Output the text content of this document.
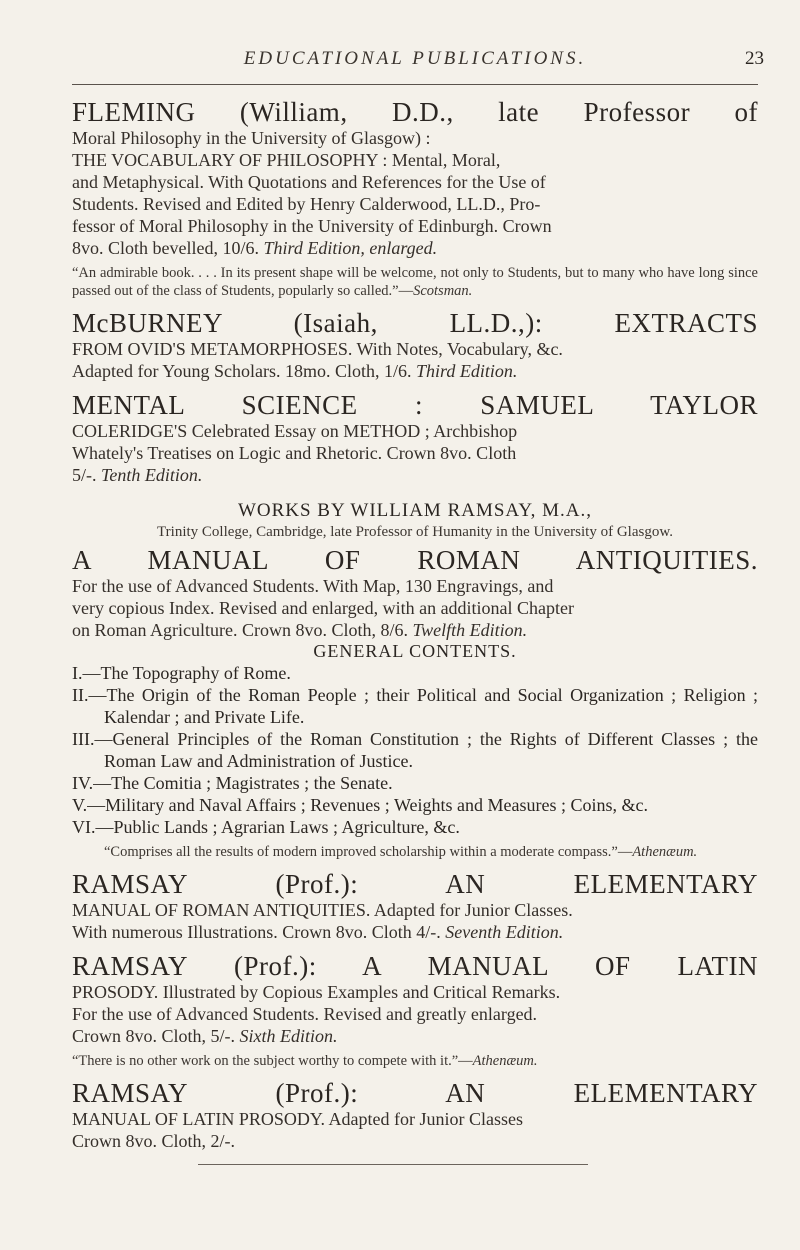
EDUCATIONAL PUBLICATIONS.	23

FLEMING (William, D.D., late Professor of

Moral Philosophy in the University of Glasgow) :

THE VOCABULARY OF PHILOSOPHY : Mental, Moral,

and Metaphysical. With Quotations and References for the Use of

Students. Revised and Edited by Henry Calderwood, LL.D., Pro-

fessor of Moral Philosophy in the University of Edinburgh. Crown

8vo. Cloth bevelled, 10/6. Third Edition, enlarged.

“An admirable book. . . . In its present shape will be welcome, not only to Students, but to many who have long since passed out of the class of Students, popularly so called.”—Scotsman.

McBURNEY (Isaiah, LL.D.,): EXTRACTS

FROM OVID'S METAMORPHOSES. With Notes, Vocabulary, &c.

Adapted for Young Scholars. 18mo. Cloth, 1/6. Third Edition.

MENTAL SCIENCE : SAMUEL TAYLOR

COLERIDGE'S Celebrated Essay on METHOD ; Archbishop

Whately's Treatises on Logic and Rhetoric. Crown 8vo. Cloth

5/-. Tenth Edition.

WORKS BY WILLIAM RAMSAY, M.A.,

Trinity College, Cambridge, late Professor of Humanity in the University of Glasgow.

A MANUAL OF ROMAN ANTIQUITIES.

For the use of Advanced Students. With Map, 130 Engravings, and

very copious Index. Revised and enlarged, with an additional Chapter

on Roman Agriculture. Crown 8vo. Cloth, 8/6. Twelfth Edition.

GENERAL CONTENTS.

I.—The Topography of Rome.
II.—The Origin of the Roman People ; their Political and Social Organization ; Religion ; Kalendar ; and Private Life.
III.—General Principles of the Roman Constitution ; the Rights of Different Classes ; the Roman Law and Administration of Justice.
IV.—The Comitia ; Magistrates ; the Senate.
V.—Military and Naval Affairs ; Revenues ; Weights and Measures ; Coins, &c.
VI.—Public Lands ; Agrarian Laws ; Agriculture, &c.

“Comprises all the results of modern improved scholarship within a moderate compass.”—Athenæum.

RAMSAY (Prof.): AN ELEMENTARY

MANUAL OF ROMAN ANTIQUITIES. Adapted for Junior Classes.

With numerous Illustrations. Crown 8vo. Cloth 4/-. Seventh Edition.

RAMSAY (Prof.): A MANUAL OF LATIN

PROSODY. Illustrated by Copious Examples and Critical Remarks.

For the use of Advanced Students. Revised and greatly enlarged.

Crown 8vo. Cloth, 5/-. Sixth Edition.

“There is no other work on the subject worthy to compete with it.”—Athenæum.

RAMSAY (Prof.): AN ELEMENTARY

MANUAL OF LATIN PROSODY. Adapted for Junior Classes

Crown 8vo. Cloth, 2/-.
